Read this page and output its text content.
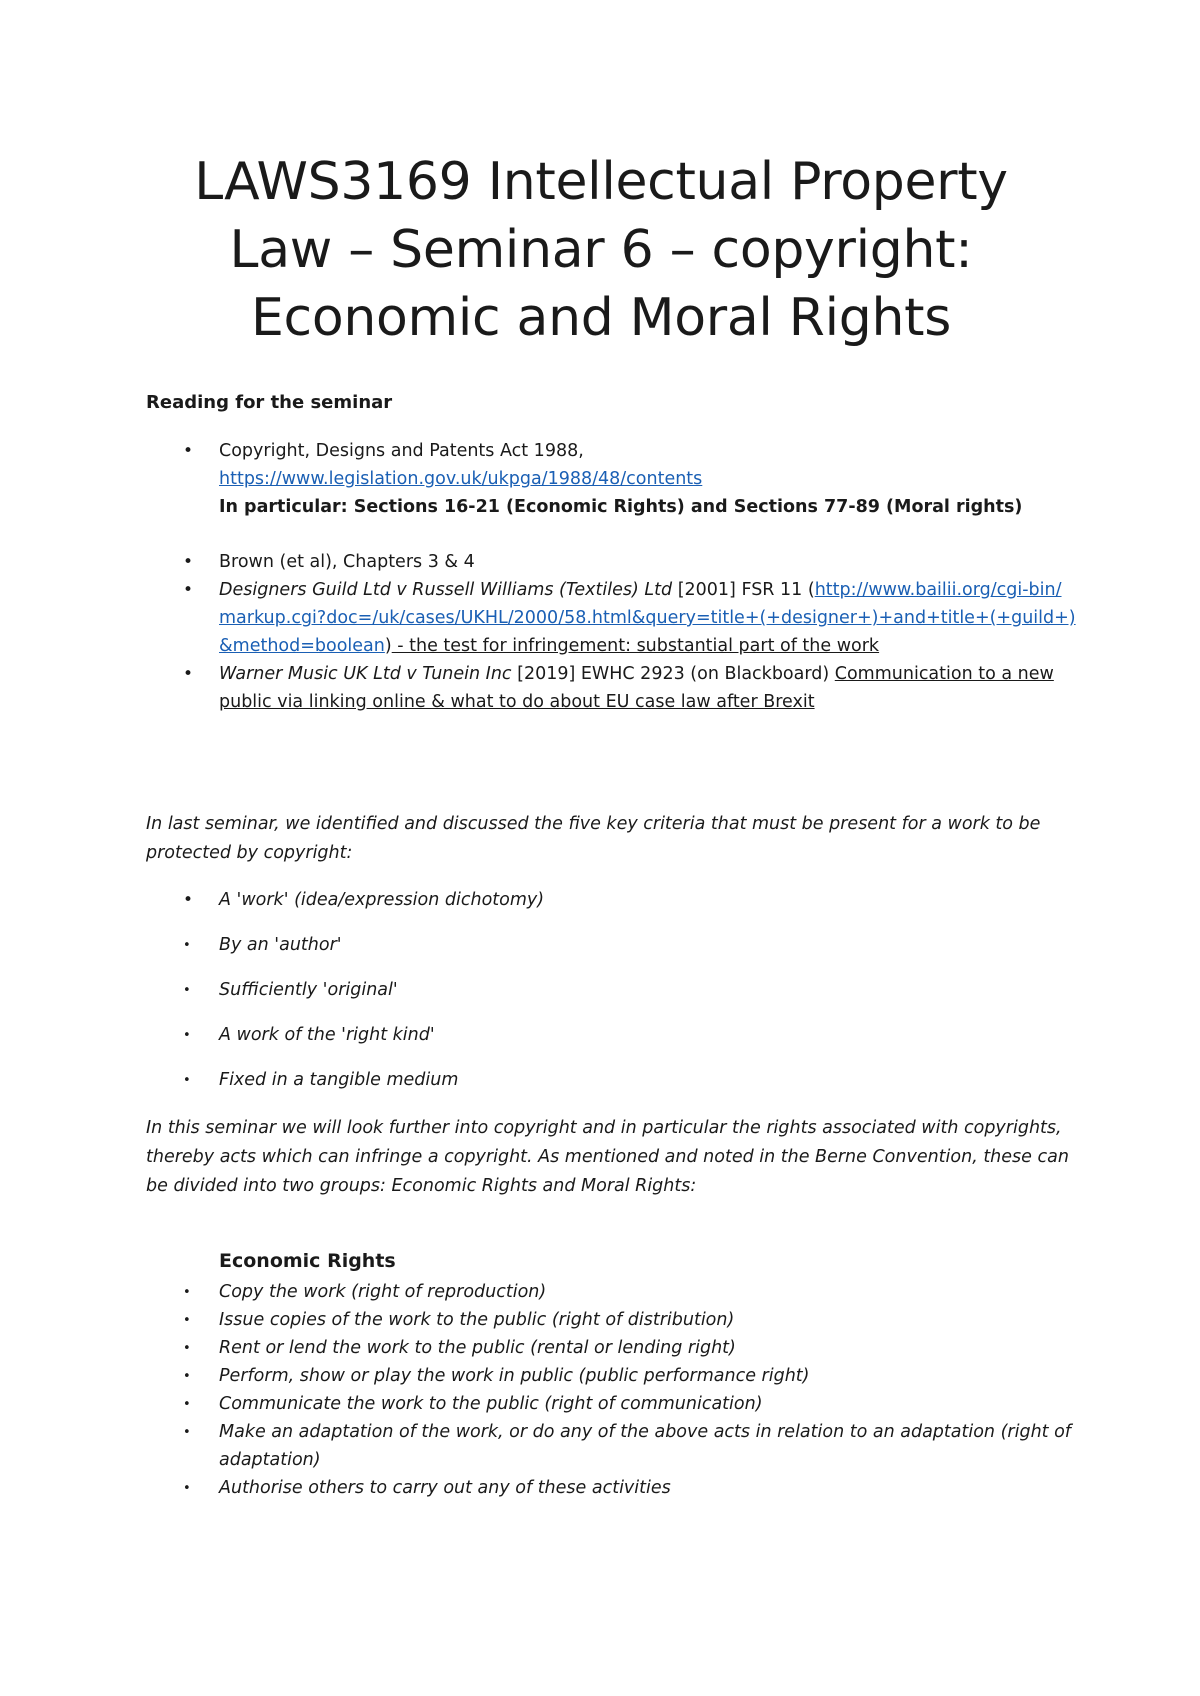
LAWS3169 Intellectual Property Law – Seminar 6 – copyright: Economic and Moral Rights

Reading for the seminar

• Copyright, Designs and Patents Act 1988,
https://www.legislation.gov.uk/ukpga/1988/48/contents
In particular: Sections 16-21 (Economic Rights) and Sections 77-89 (Moral rights)
• Brown (et al), Chapters 3 & 4
• Designers Guild Ltd v Russell Williams (Textiles) Ltd [2001] FSR 11 (http://www.bailii.org/cgi-bin/markup.cgi?doc=/uk/cases/UKHL/2000/58.html&query=title+(+designer+)+and+title+(+guild+)&method=boolean) - the test for infringement: substantial part of the work
• Warner Music UK Ltd v Tunein Inc [2019] EWHC 2923 (on Blackboard) Communication to a new public via linking online & what to do about EU case law after Brexit

In last seminar, we identified and discussed the five key criteria that must be present for a work to be protected by copyright:

• A 'work' (idea/expression dichotomy)
• By an 'author'
• Sufficiently 'original'
• A work of the 'right kind'
• Fixed in a tangible medium

In this seminar we will look further into copyright and in particular the rights associated with copyrights, thereby acts which can infringe a copyright. As mentioned and noted in the Berne Convention, these can be divided into two groups: Economic Rights and Moral Rights:

Economic Rights

• Copy the work (right of reproduction)
• Issue copies of the work to the public (right of distribution)
• Rent or lend the work to the public (rental or lending right)
• Perform, show or play the work in public (public performance right)
• Communicate the work to the public (right of communication)
• Make an adaptation of the work, or do any of the above acts in relation to an adaptation (right of adaptation)
• Authorise others to carry out any of these activities
